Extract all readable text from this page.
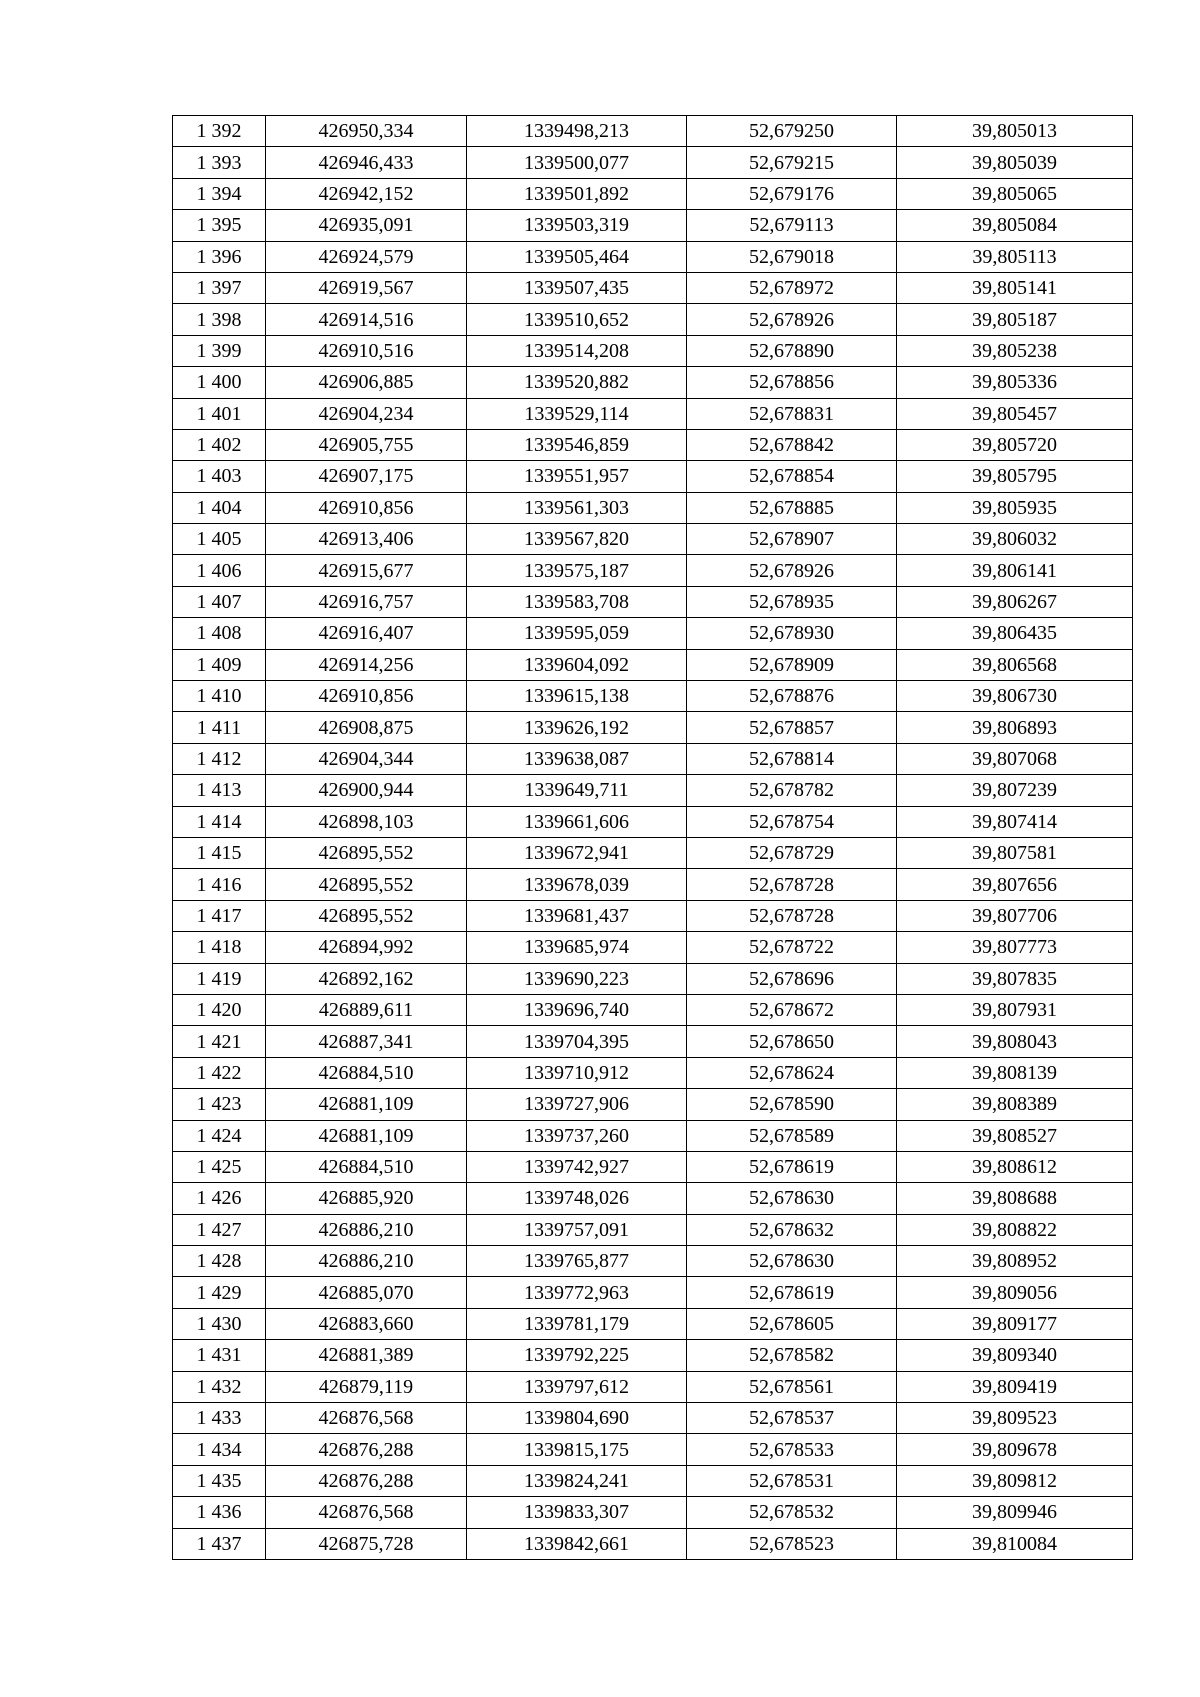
1 392	426950,334	1339498,213	52,679250	39,805013
1 393	426946,433	1339500,077	52,679215	39,805039
1 394	426942,152	1339501,892	52,679176	39,805065
1 395	426935,091	1339503,319	52,679113	39,805084
1 396	426924,579	1339505,464	52,679018	39,805113
1 397	426919,567	1339507,435	52,678972	39,805141
1 398	426914,516	1339510,652	52,678926	39,805187
1 399	426910,516	1339514,208	52,678890	39,805238
1 400	426906,885	1339520,882	52,678856	39,805336
1 401	426904,234	1339529,114	52,678831	39,805457
1 402	426905,755	1339546,859	52,678842	39,805720
1 403	426907,175	1339551,957	52,678854	39,805795
1 404	426910,856	1339561,303	52,678885	39,805935
1 405	426913,406	1339567,820	52,678907	39,806032
1 406	426915,677	1339575,187	52,678926	39,806141
1 407	426916,757	1339583,708	52,678935	39,806267
1 408	426916,407	1339595,059	52,678930	39,806435
1 409	426914,256	1339604,092	52,678909	39,806568
1 410	426910,856	1339615,138	52,678876	39,806730
1 411	426908,875	1339626,192	52,678857	39,806893
1 412	426904,344	1339638,087	52,678814	39,807068
1 413	426900,944	1339649,711	52,678782	39,807239
1 414	426898,103	1339661,606	52,678754	39,807414
1 415	426895,552	1339672,941	52,678729	39,807581
1 416	426895,552	1339678,039	52,678728	39,807656
1 417	426895,552	1339681,437	52,678728	39,807706
1 418	426894,992	1339685,974	52,678722	39,807773
1 419	426892,162	1339690,223	52,678696	39,807835
1 420	426889,611	1339696,740	52,678672	39,807931
1 421	426887,341	1339704,395	52,678650	39,808043
1 422	426884,510	1339710,912	52,678624	39,808139
1 423	426881,109	1339727,906	52,678590	39,808389
1 424	426881,109	1339737,260	52,678589	39,808527
1 425	426884,510	1339742,927	52,678619	39,808612
1 426	426885,920	1339748,026	52,678630	39,808688
1 427	426886,210	1339757,091	52,678632	39,808822
1 428	426886,210	1339765,877	52,678630	39,808952
1 429	426885,070	1339772,963	52,678619	39,809056
1 430	426883,660	1339781,179	52,678605	39,809177
1 431	426881,389	1339792,225	52,678582	39,809340
1 432	426879,119	1339797,612	52,678561	39,809419
1 433	426876,568	1339804,690	52,678537	39,809523
1 434	426876,288	1339815,175	52,678533	39,809678
1 435	426876,288	1339824,241	52,678531	39,809812
1 436	426876,568	1339833,307	52,678532	39,809946
1 437	426875,728	1339842,661	52,678523	39,810084
